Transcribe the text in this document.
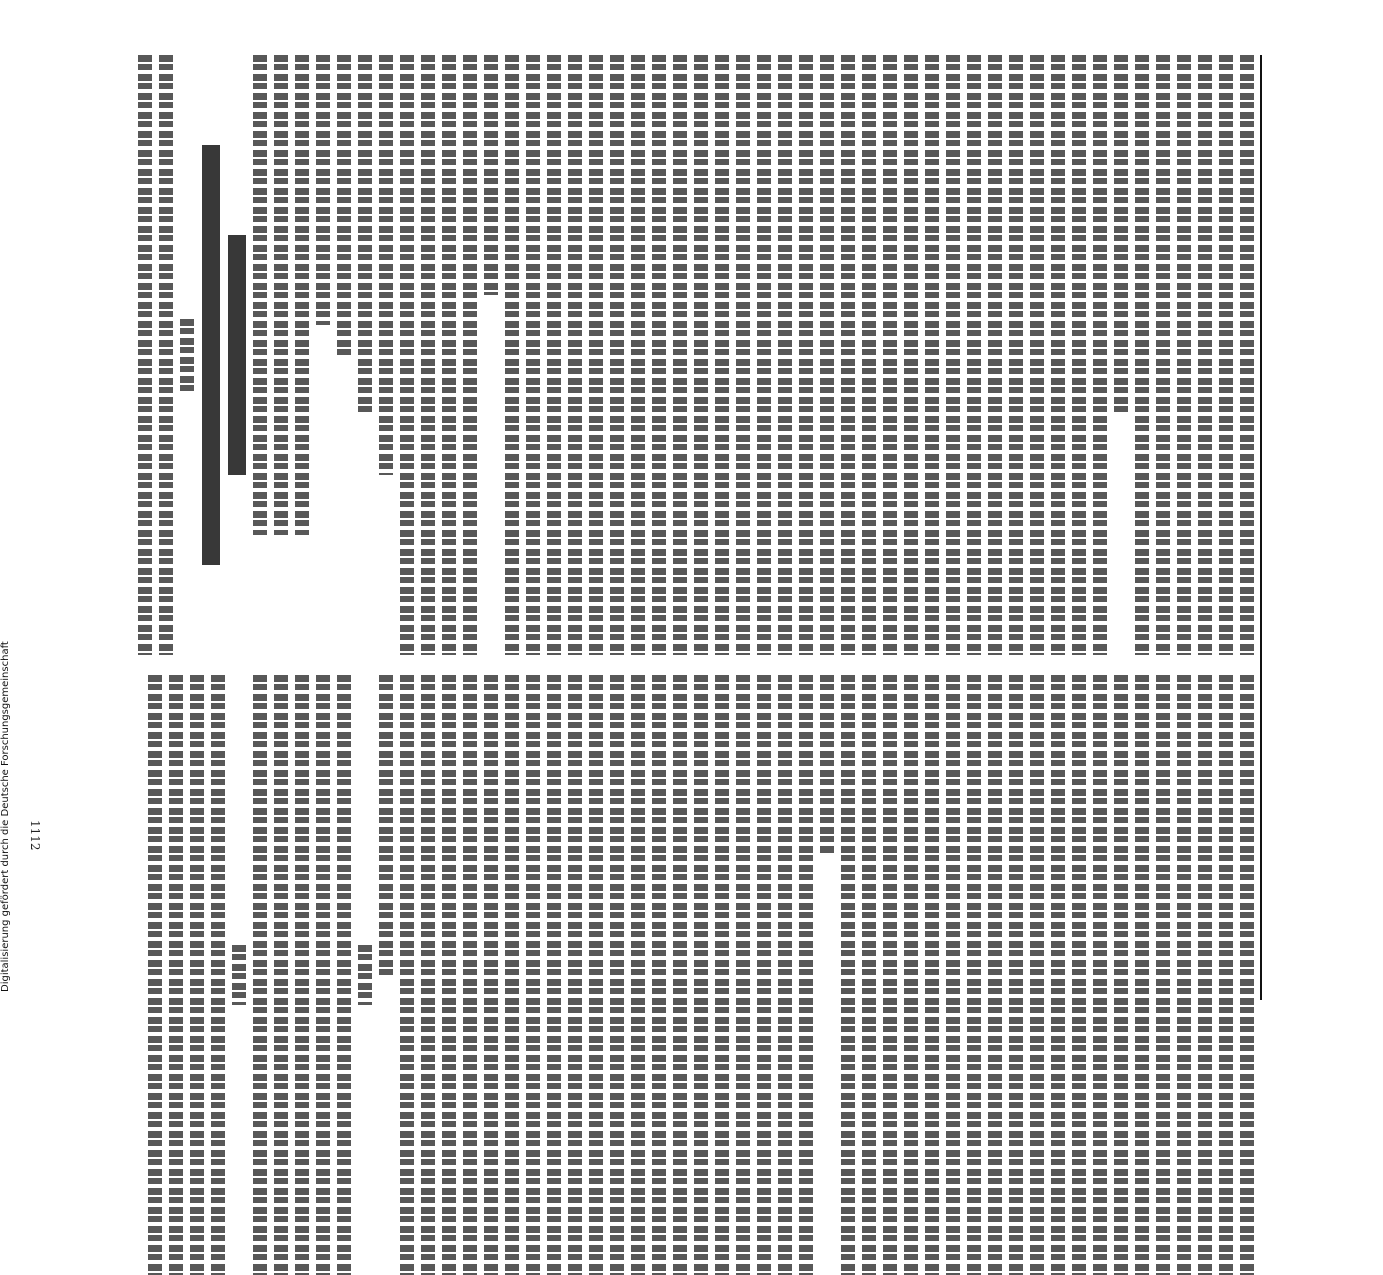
Digitalisierung gefördert durch die Deutsche Forschungsgemeinschaft 1112
